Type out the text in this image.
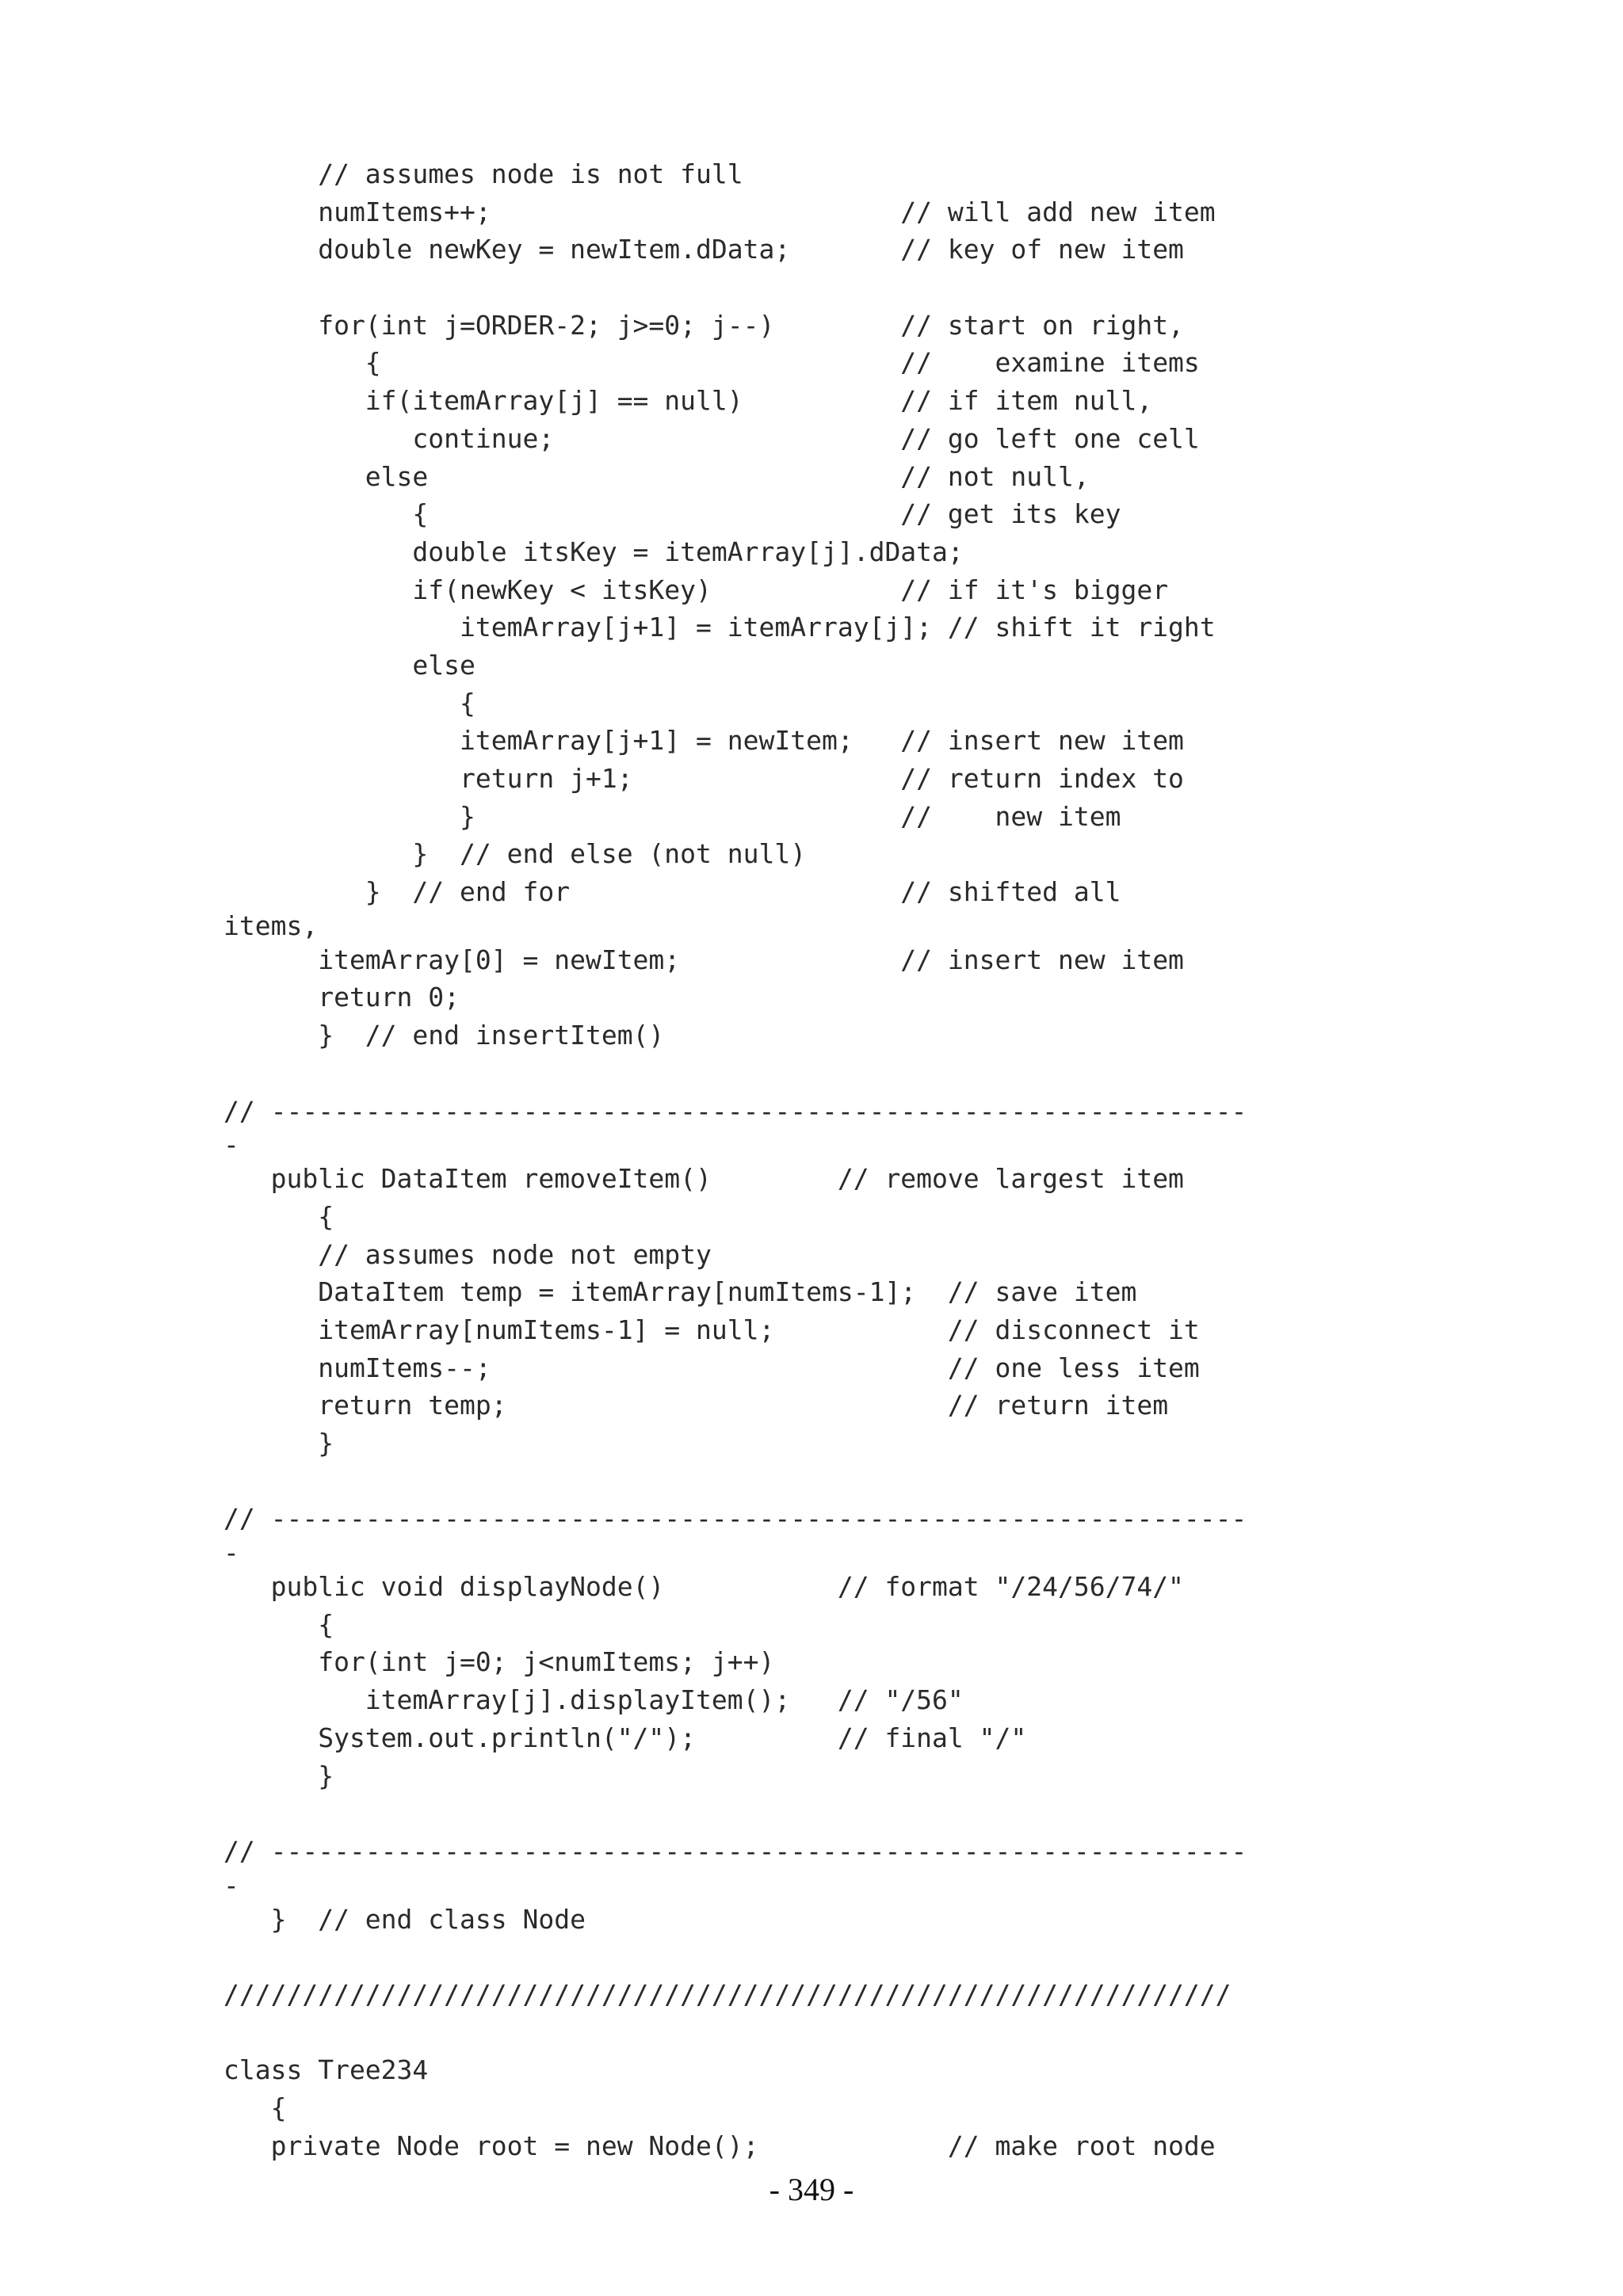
// assumes node is not full
numItems++;                          // will add new item
double newKey = newItem.dData;       // key of new item
for(int j=ORDER-2; j>=0; j--)        // start on right,
{                                 //    examine items
if(itemArray[j] == null)          // if item null,
continue;                      // go left one cell
else                              // not null,
{                              // get its key
double itsKey = itemArray[j].dData;
if(newKey < itsKey)            // if it's bigger
itemArray[j+1] = itemArray[j]; // shift it right
else
{
itemArray[j+1] = newItem;   // insert new item
return j+1;                 // return index to
}                           //    new item
}  // end else (not null)
}  // end for                     // shifted all
items,
itemArray[0] = newItem;              // insert new item
return 0;
}  // end insertItem()
// --------------------------------------------------------------
-
public DataItem removeItem()        // remove largest item
{
// assumes node not empty
DataItem temp = itemArray[numItems-1];  // save item
itemArray[numItems-1] = null;           // disconnect it
numItems--;                             // one less item
return temp;                            // return item
}
// --------------------------------------------------------------
-
public void displayNode()           // format "/24/56/74/"
{
for(int j=0; j<numItems; j++)
itemArray[j].displayItem();   // "/56"
System.out.println("/");         // final "/"
}
// --------------------------------------------------------------
-
}  // end class Node
////////////////////////////////////////////////////////////////
class Tree234
{
private Node root = new Node();            // make root node
- 349 -
